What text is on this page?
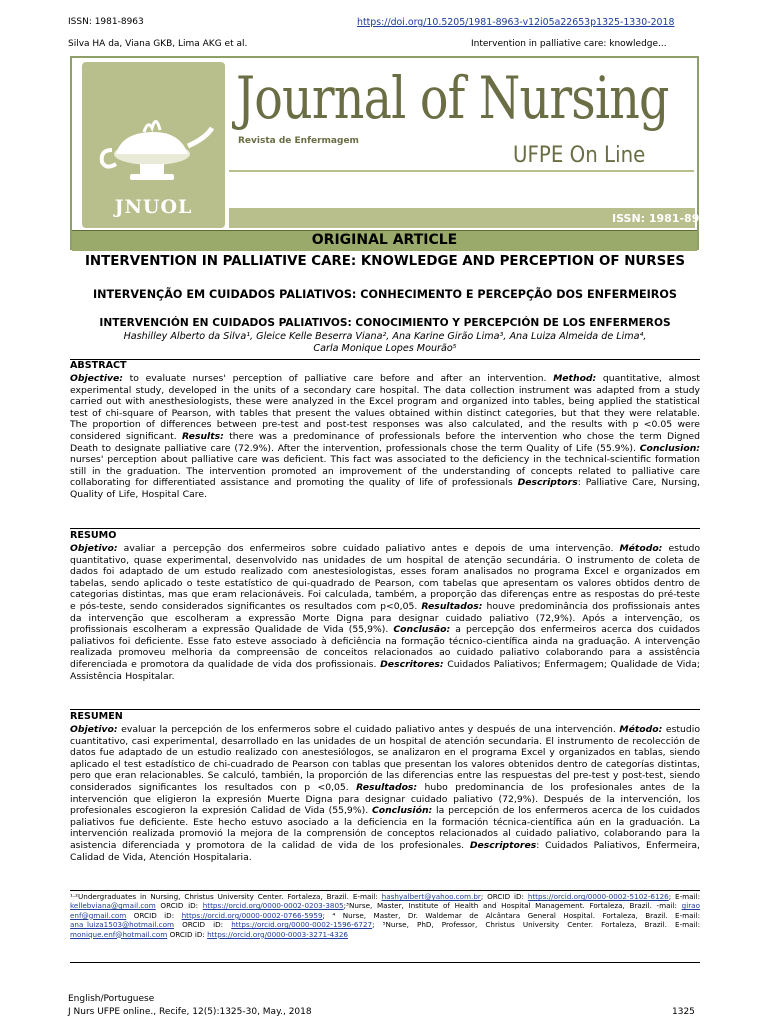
ISSN: 1981-8963	https://doi.org/10.5205/1981-8963-v12i05a22653p1325-1330-2018
Silva HA da, Viana GKB, Lima AKG et al.	Intervention in palliative care: knowledge...
JNUOL
Journal of Nursing
Revista de Enfermagem
UFPE On Line
ISSN: 1981-8963
ORIGINAL ARTICLE
INTERVENTION IN PALLIATIVE CARE: KNOWLEDGE AND PERCEPTION OF NURSES
INTERVENÇÃO EM CUIDADOS PALIATIVOS: CONHECIMENTO E PERCEPÇÃO DOS ENFERMEIROS
INTERVENCIÓN EN CUIDADOS PALIATIVOS: CONOCIMIENTO Y PERCEPCIÓN DE LOS ENFERMEROS
Hashilley Alberto da Silva¹, Gleice Kelle Beserra Viana², Ana Karine Girão Lima³, Ana Luiza Almeida de Lima⁴,
Carla Monique Lopes Mourão⁵
ABSTRACT
Objective: to evaluate nurses' perception of palliative care before and after an intervention. Method: quantitative, almost experimental study, developed in the units of a secondary care hospital. The data collection instrument was adapted from a study carried out with anesthesiologists, these were analyzed in the Excel program and organized into tables, being applied the statistical test of chi-square of Pearson, with tables that present the values obtained within distinct categories, but that they were relatable. The proportion of differences between pre-test and post-test responses was also calculated, and the results with p <0.05 were considered significant. Results: there was a predominance of professionals before the intervention who chose the term Digned Death to designate palliative care (72.9%). After the intervention, professionals chose the term Quality of Life (55.9%). Conclusion: nurses' perception about palliative care was deficient. This fact was associated to the deficiency in the technical-scientific formation still in the graduation. The intervention promoted an improvement of the understanding of concepts related to palliative care collaborating for differentiated assistance and promoting the quality of life of professionals Descriptors: Palliative Care, Nursing, Quality of Life, Hospital Care.
RESUMO
Objetivo: avaliar a percepção dos enfermeiros sobre cuidado paliativo antes e depois de uma intervenção. Método: estudo quantitativo, quase experimental, desenvolvido nas unidades de um hospital de atenção secundária. O instrumento de coleta de dados foi adaptado de um estudo realizado com anestesiologistas, esses foram analisados no programa Excel e organizados em tabelas, sendo aplicado o teste estatístico de qui-quadrado de Pearson, com tabelas que apresentam os valores obtidos dentro de categorias distintas, mas que eram relacionáveis. Foi calculada, também, a proporção das diferenças entre as respostas do pré-teste e pós-teste, sendo considerados significantes os resultados com p<0,05. Resultados: houve predominância dos profissionais antes da intervenção que escolheram a expressão Morte Digna para designar cuidado paliativo (72,9%). Após a intervenção, os profissionais escolheram a expressão Qualidade de Vida (55,9%). Conclusão: a percepção dos enfermeiros acerca dos cuidados paliativos foi deficiente. Esse fato esteve associado à deficiência na formação técnico-científica ainda na graduação. A intervenção realizada promoveu melhoria da compreensão de conceitos relacionados ao cuidado paliativo colaborando para a assistência diferenciada e promotora da qualidade de vida dos profissionais. Descritores: Cuidados Paliativos; Enfermagem; Qualidade de Vida; Assistência Hospitalar.
RESUMEN
Objetivo: evaluar la percepción de los enfermeros sobre el cuidado paliativo antes y después de una intervención. Método: estudio cuantitativo, casi experimental, desarrollado en las unidades de un hospital de atención secundaria. El instrumento de recolección de datos fue adaptado de un estudio realizado con anestesiólogos, se analizaron en el programa Excel y organizados en tablas, siendo aplicado el test estadístico de chi-cuadrado de Pearson con tablas que presentan los valores obtenidos dentro de categorías distintas, pero que eran relacionables. Se calculó, también, la proporción de las diferencias entre las respuestas del pre-test y post-test, siendo considerados significantes los resultados con p <0,05. Resultados: hubo predominancia de los profesionales antes de la intervención que eligieron la expresión Muerte Digna para designar cuidado paliativo (72,9%). Después de la intervención, los profesionales escogieron la expresión Calidad de Vida (55,9%). Conclusión: la percepción de los enfermeros acerca de los cuidados paliativos fue deficiente. Este hecho estuvo asociado a la deficiencia en la formación técnica-científica aún en la graduación. La intervención realizada promovió la mejora de la comprensión de conceptos relacionados al cuidado paliativo, colaborando para la asistencia diferenciada y promotora de la calidad de vida de los profesionales. Descriptores: Cuidados Paliativos, Enfermeira, Calidad de Vida, Atención Hospitalaria.
¹·²Undergraduates in Nursing, Christus University Center. Fortaleza, Brazil. E-mail: hashyalbert@yahoo.com.br; ORCID iD: https://orcid.org/0000-0002-5102-6126; E-mail: kellebviana@gmail.com ORCID iD: https://orcid.org/0000-0002-0203-3805;³Nurse, Master, Institute of Health and Hospital Management. Fortaleza, Brazil. -mail: girao enf@gmail.com ORCID iD: https://orcid.org/0000-0002-0766-5959; ⁴ Nurse, Master, Dr. Waldemar de Alcântara General Hospital. Fortaleza, Brazil. E-mail: ana_luiza1503@hotmail.com ORCID iD: https://orcid.org/0000-0002-1596-6727; ⁵Nurse, PhD, Professor, Christus University Center. Fortaleza, Brazil. E-mail: monique.enf@hotmail.com ORCID iD: https://orcid.org/0000-0003-3271-4326
English/Portuguese
J Nurs UFPE online., Recife, 12(5):1325-30, May., 2018	1325
